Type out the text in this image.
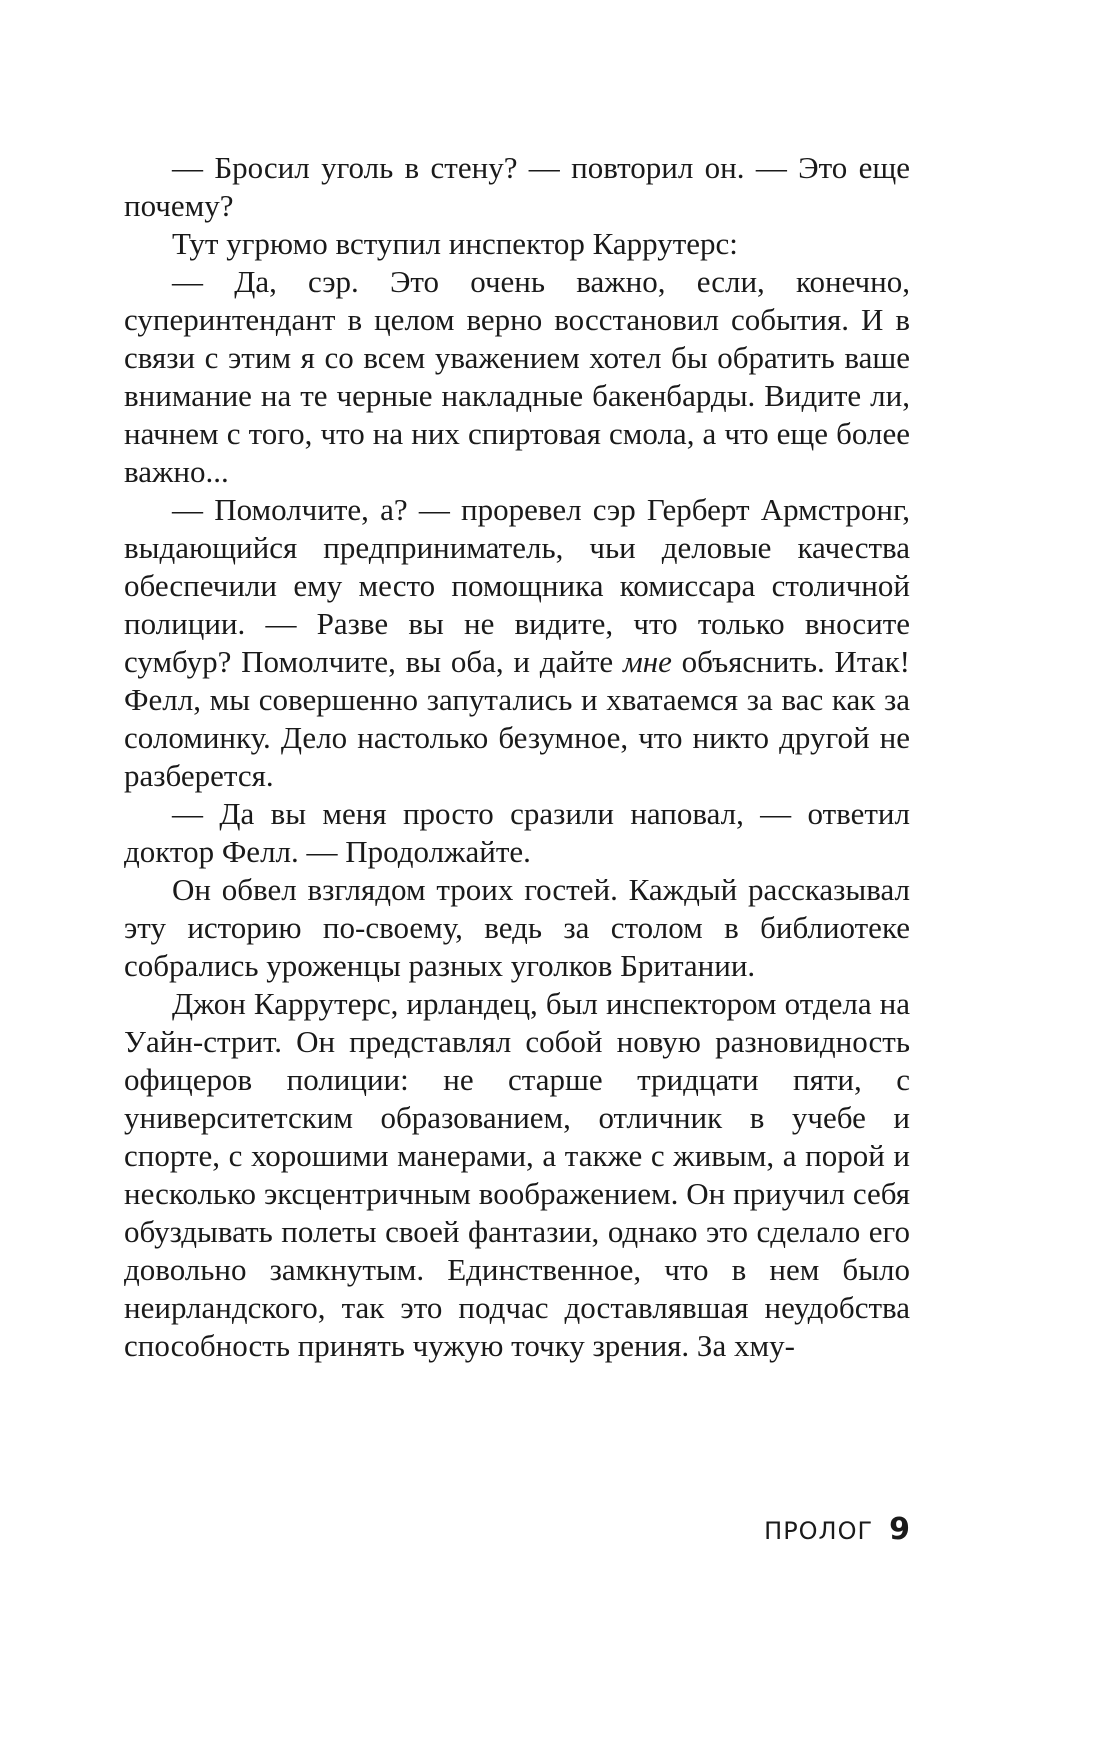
— Бросил уголь в стену? — повторил он. — Это еще почему?

Тут угрюмо вступил инспектор Каррутерс:

— Да, сэр. Это очень важно, если, конечно, суперинтендант в целом верно восстановил события. И в связи с этим я со всем уважением хотел бы обратить ваше внимание на те черные накладные бакенбарды. Видите ли, начнем с того, что на них спиртовая смола, а что еще более важно...

— Помолчите, а? — проревел сэр Герберт Армстронг, выдающийся предприниматель, чьи деловые качества обеспечили ему место помощника комиссара столичной полиции. — Разве вы не видите, что только вносите сумбур? Помолчите, вы оба, и дайте мне объяснить. Итак! Фелл, мы совершенно запутались и хватаемся за вас как за соломинку. Дело настолько безумное, что никто другой не разберется.

— Да вы меня просто сразили наповал, — ответил доктор Фелл. — Продолжайте.

Он обвел взглядом троих гостей. Каждый рассказывал эту историю по-своему, ведь за столом в библиотеке собрались уроженцы разных уголков Британии.

Джон Каррутерс, ирландец, был инспектором отдела на Уайн-стрит. Он представлял собой новую разновидность офицеров полиции: не старше тридцати пяти, с университетским образованием, отличник в учебе и спорте, с хорошими манерами, а также с живым, а порой и несколько эксцентричным воображением. Он приучил себя обуздывать полеты своей фантазии, однако это сделало его довольно замкнутым. Единственное, что в нем было неирландского, так это подчас доставлявшая неудобства способность принять чужую точку зрения. За хму-

ПРОЛОГ 9
